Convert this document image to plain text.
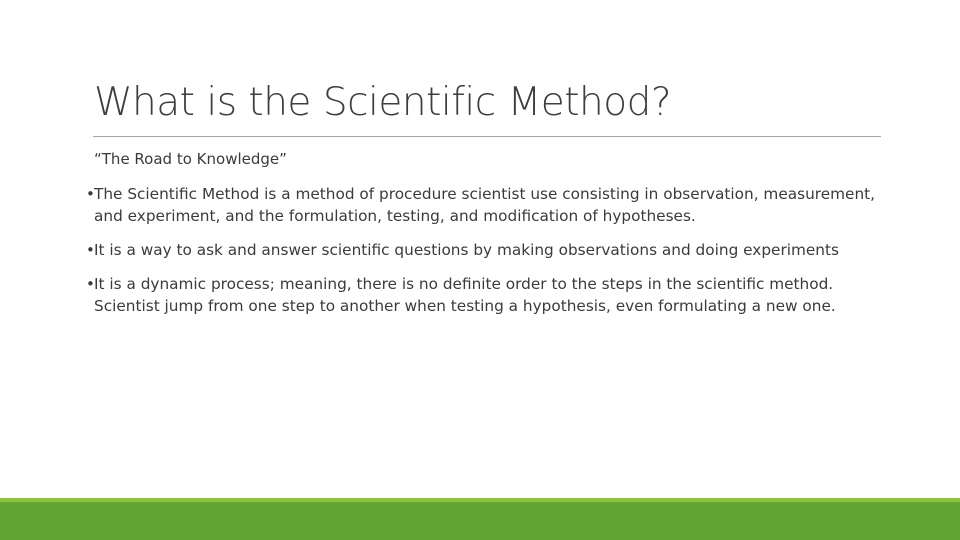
What is the Scientific Method?

“The Road to Knowledge”

• The Scientific Method is a method of procedure scientist use consisting in observation, measurement, and experiment, and the formulation, testing, and modification of hypotheses.
• It is a way to ask and answer scientific questions by making observations and doing experiments
• It is a dynamic process; meaning, there is no definite order to the steps in the scientific method. Scientist jump from one step to another when testing a hypothesis, even formulating a new one.
